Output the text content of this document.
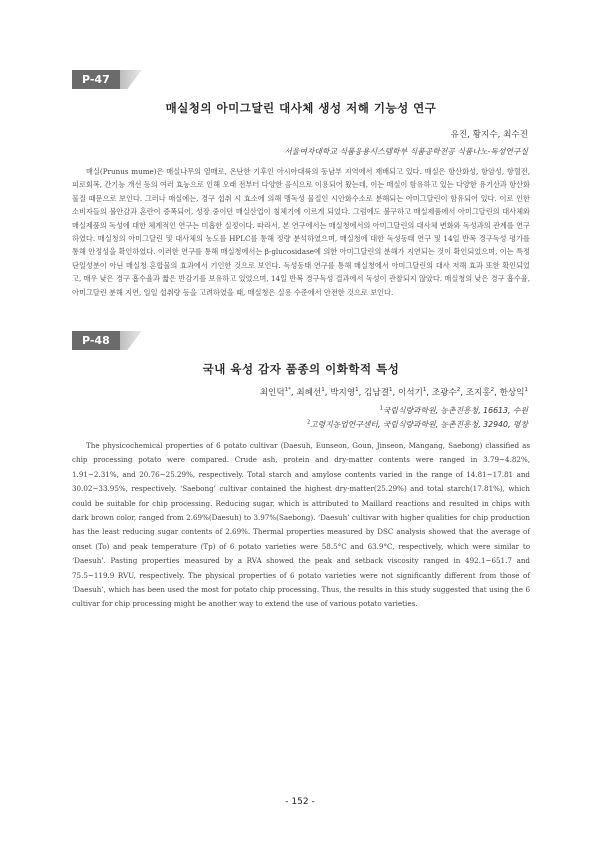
P-47
매실청의 아미그달린 대사체 생성 저해 기능성 연구
유진, 황지수, 최수진
서울여자대학교 식품응용시스템학부 식품공학전공 식품나노-독성연구실
매실(Prunus mume)은 매실나무의 열매로, 온난한 기후인 아시아대륙의 동남부 지역에서 재배되고 있다. 매실은 항산화성, 항암성, 항혈전, 피로회복, 간기능 개선 등의 여러 효능으로 인해 오래 전부터 다양한 음식으로 이용되어 왔는데, 이는 매실이 함유하고 있는 다양한 유기산과 항산화물질 때문으로 보인다. 그러나 매실에는, 경구 섭취 시 효소에 의해 맹독성 물질인 시안화수소로 분해되는 아미그달린이 함유되어 있다. 이로 인한 소비자들의 불안감과 혼란이 증폭되어, 성장 중이던 매실산업이 침체기에 이르게 되었다. 그럼에도 불구하고 매실제품에서 아미그달린의 대사체와 매실제품의 독성에 대한 체계적인 연구는 미흡한 실정이다. 따라서, 본 연구에서는 매실청에서의 아미그달린의 대사체 변화와 독성과의 관계를 연구하였다. 매실청의 아미그달린 및 대사체의 농도를 HPLC를 통해 정량 분석하였으며, 매실청에 대한 독성동태 연구 및 14일 반복 경구독성 평가를 통해 안정성을 확인하였다. 이러한 연구를 통해 매실청에서는 β-glucosidase에 의한 아미그달린의 분해가 지연되는 것이 확인되었으며, 이는 특정 단일성분이 아닌 매실청 혼합물의 효과에서 기인한 것으로 보인다. 독성동태 연구를 통해 매실청에서 아미그달린의 대사 저해 효과 또한 확인되었고, 매우 낮은 경구 흡수율과 짧은 반감기를 보유하고 있었으며, 14일 반복 경구독성 결과에서 독성이 관찰되지 않았다. 매실청의 낮은 경구 흡수율, 아미그달린 분해 지연, 일일 섭취량 등을 고려하였을 때, 매실청은 실용 수준에서 안전한 것으로 보인다.
P-48
국내 육성 감자 품종의 이화학적 특성
최인덕$^{1*}$, 최혜선$^1$, 박지영$^1$, 김남결$^1$, 이석기$^1$, 조광수$^2$, 조지홍$^2$, 한상익$^1$
$^1$국립식량과학원, 농촌진흥청, 16613, 수원
$^2$고령지농업연구센터, 국립식량과학원, 농촌진흥청, 32940, 평창
The physicochemical properties of 6 potato cultivar (Daesuh, Eunseon, Goun, Jinseon, Mangang, Saebong) classified as chip processing potato were compared. Crude ash, protein and dry-matter contents were ranged in 3.79~4.82%, 1.91~2.31%, and 20.76~25.29%, respectively. Total starch and amylose contents varied in the range of 14.81~17.81 and 30.02~33.95%, respectively. ‘Saebong’ cultivar contained the highest dry-matter(25.29%) and total starch(17.81%), which could be suitable for chip processing. Reducing sugar, which is attributed to Maillard reactions and resulted in chips with dark brown color, ranged from 2.69%(Daesuh) to 3.97%(Saebong). ‘Daesuh’ cultivar with higher qualities for chip production has the least reducing sugar contents of 2.69%. Thermal properties measured by DSC analysis showed that the average of onset (To) and peak temperature (Tp) of 6 potato varieties were 58.5°C and 63.9°C, respectively, which were similar to ‘Daesuh’. Pasting properties measured by a RVA showed the peak and setback viscosity ranged in 492.1~651.7 and 75.5~119.9 RVU, respectively. The physical properties of 6 potato varieties were not significantly different from those of ‘Daesuh’, which has been used the most for potato chip processing. Thus, the results in this study suggested that using the 6 cultivar for chip processing might be another way to extend the use of various potato varieties.
- 152 -
